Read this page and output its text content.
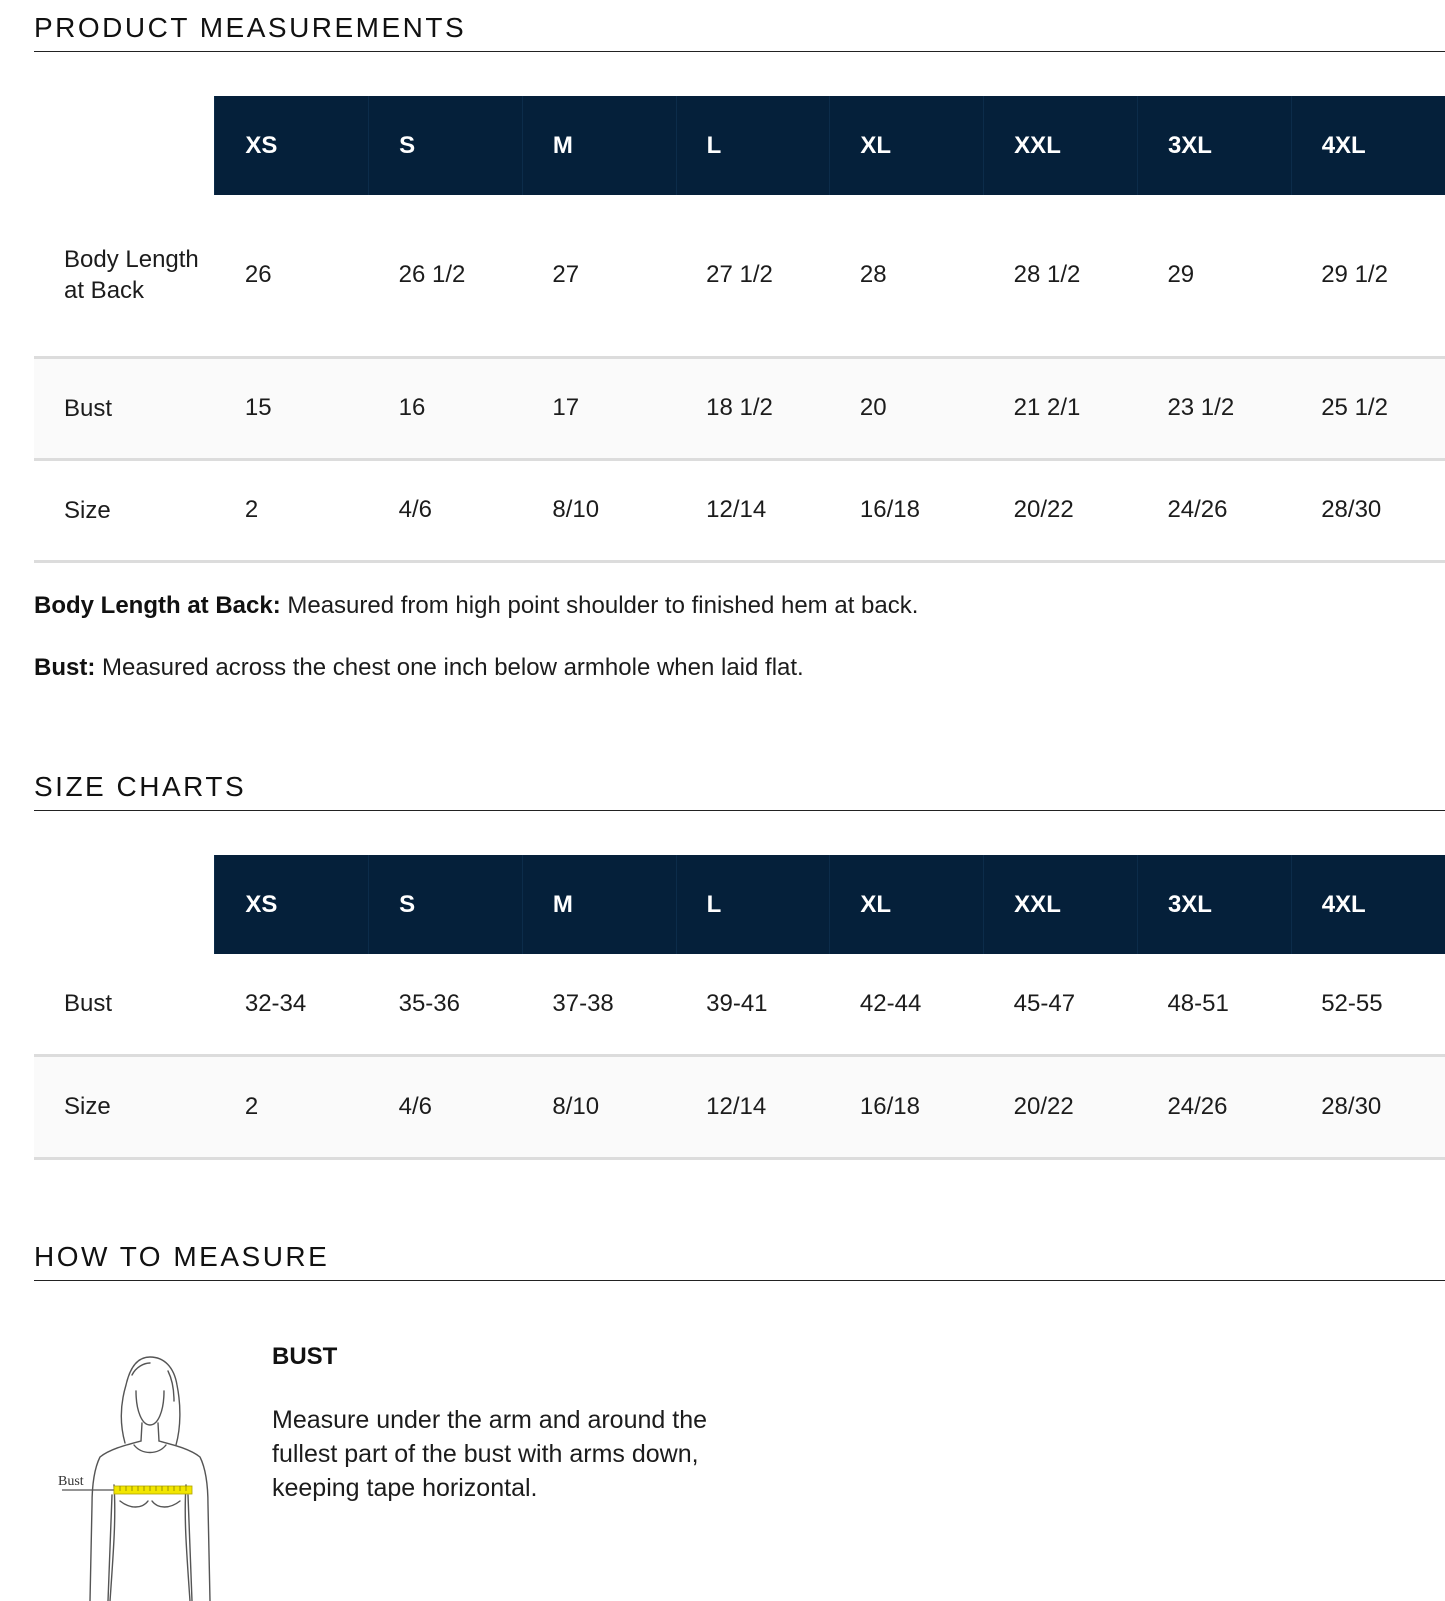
PRODUCT MEASUREMENTS
	XS	S	M	L	XL	XXL	3XL	4XL
Body Length at Back	26	26 1/2	27	27 1/2	28	28 1/2	29	29 1/2
Bust	15	16	17	18 1/2	20	21 2/1	23 1/2	25 1/2
Size	2	4/6	8/10	12/14	16/18	20/22	24/26	28/30

Body Length at Back: Measured from high point shoulder to finished hem at back.

Bust: Measured across the chest one inch below armhole when laid flat.

SIZE CHARTS
	XS	S	M	L	XL	XXL	3XL	4XL
Bust	32-34	35-36	37-38	39-41	42-44	45-47	48-51	52-55
Size	2	4/6	8/10	12/14	16/18	20/22	24/26	28/30
HOW TO MEASURE
Bust

BUST

Measure under the arm and around the fullest part of the bust with arms down, keeping tape horizontal.
